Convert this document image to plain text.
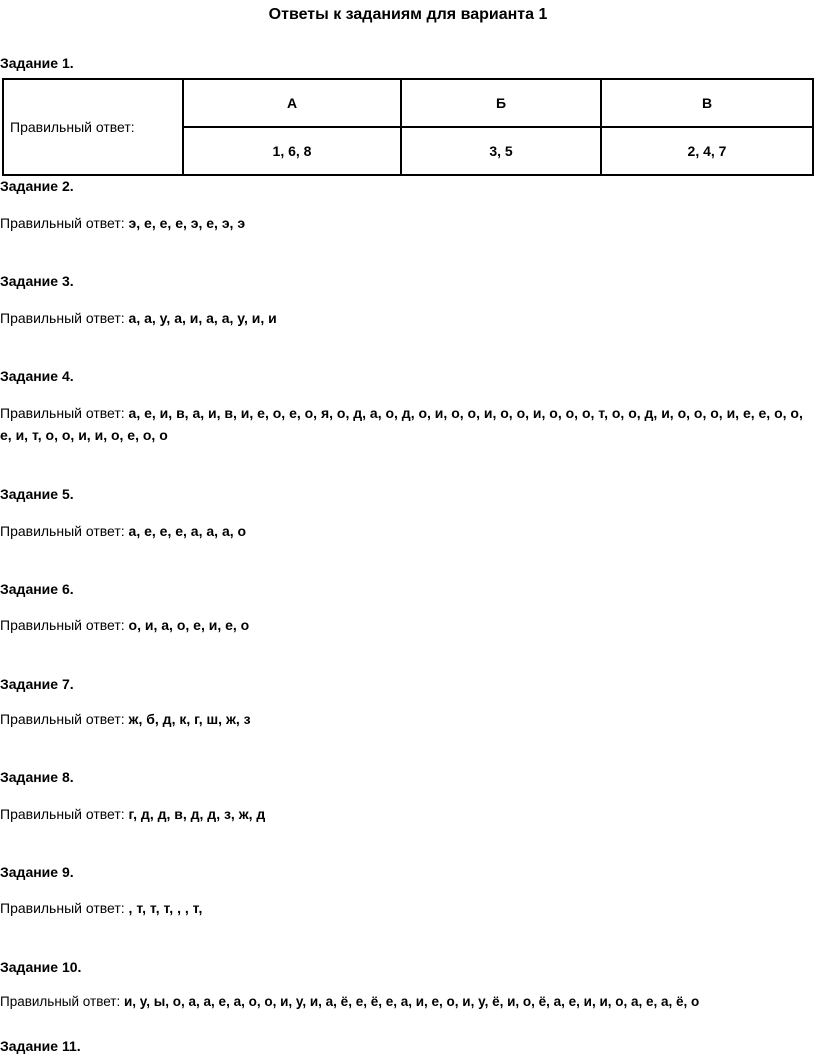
Ответы к заданиям для варианта 1
Задание 1.
Правильный ответ:	А	Б	В
	1, 6, 8	3, 5	2, 4, 7
Задание 2.
Правильный ответ: э, е, е, е, э, е, э, э
Задание 3.
Правильный ответ: а, а, у, а, и, а, а, у, и, и
Задание 4.
Правильный ответ: а, е, и, в, а, и, в, и, е, о, е, о, я, о, д, а, о, д, о, и, о, о, и, о, о, и, о, о, о, т, о, о, д, и, о, о, о, и, е, е, о, о, е, и, т, о, о, и, и, о, е, о, о
Задание 5.
Правильный ответ: а, е, е, е, а, а, а, о
Задание 6.
Правильный ответ: о, и, а, о, е, и, е, о
Задание 7.
Правильный ответ: ж, б, д, к, г, ш, ж, з
Задание 8.
Правильный ответ: г, д, д, в, д, д, з, ж, д
Задание 9.
Правильный ответ: , т, т, т, , , т,
Задание 10.
Правильный ответ: и, у, ы, о, а, а, е, а, о, о, и, у, и, а, ё, е, ё, е, а, и, е, о, и, у, ё, и, о, ё, а, е, и, и, о, а, е, а, ё, о
Задание 11.
